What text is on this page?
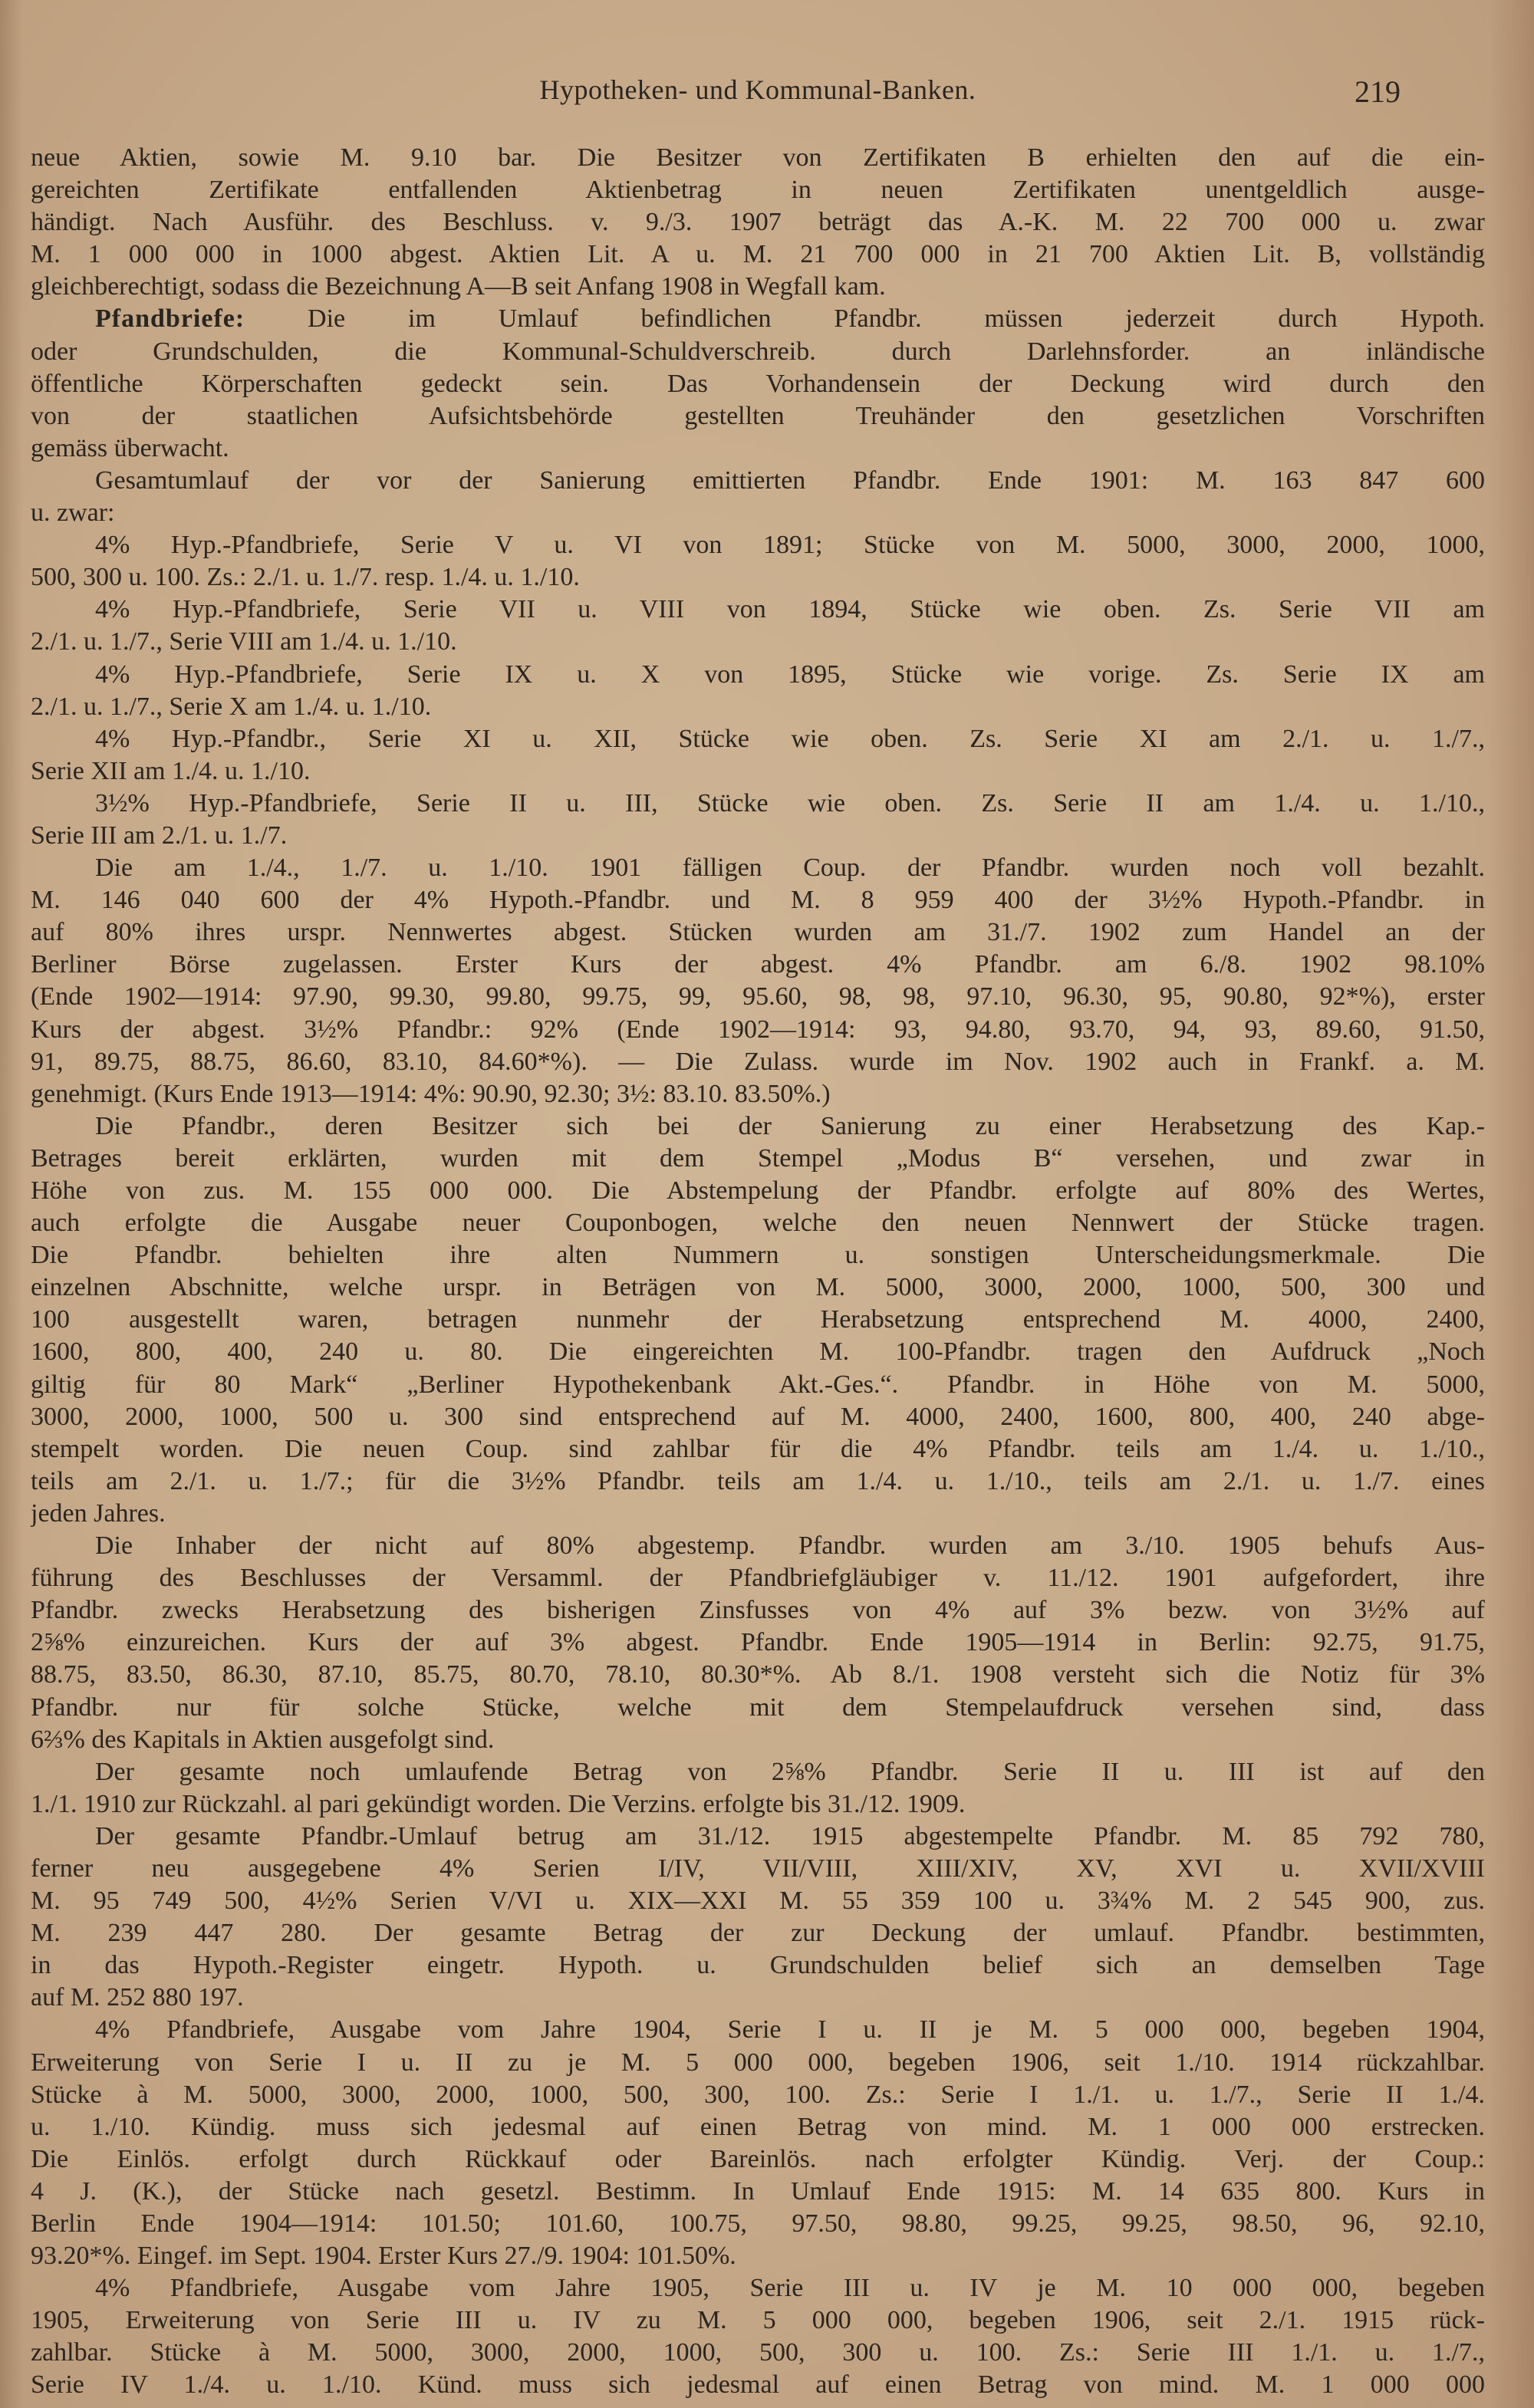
Hypotheken- und Kommunal-Banken.	219
neue Aktien, sowie M. 9.10 bar. Die Besitzer von Zertifikaten B erhielten den auf die ein-
gereichten Zertifikate entfallenden Aktienbetrag in neuen Zertifikaten unentgeldlich ausge-
händigt. Nach Ausführ. des Beschluss. v. 9./3. 1907 beträgt das A.-K. M. 22 700 000 u. zwar
M. 1 000 000 in 1000 abgest. Aktien Lit. A u. M. 21 700 000 in 21 700 Aktien Lit. B, vollständig
gleichberechtigt, sodass die Bezeichnung A—B seit Anfang 1908 in Wegfall kam.
Pfandbriefe: Die im Umlauf befindlichen Pfandbr. müssen jederzeit durch Hypoth.
oder Grundschulden, die Kommunal-Schuldverschreib. durch Darlehnsforder. an inländische
öffentliche Körperschaften gedeckt sein. Das Vorhandensein der Deckung wird durch den
von der staatlichen Aufsichtsbehörde gestellten Treuhänder den gesetzlichen Vorschriften
gemäss überwacht.
Gesamtumlauf der vor der Sanierung emittierten Pfandbr. Ende 1901: M. 163 847 600
u. zwar:
4% Hyp.-Pfandbriefe, Serie V u. VI von 1891; Stücke von M. 5000, 3000, 2000, 1000,
500, 300 u. 100. Zs.: 2./1. u. 1./7. resp. 1./4. u. 1./10.
4% Hyp.-Pfandbriefe, Serie VII u. VIII von 1894, Stücke wie oben. Zs. Serie VII am
2./1. u. 1./7., Serie VIII am 1./4. u. 1./10.
4% Hyp.-Pfandbriefe, Serie IX u. X von 1895, Stücke wie vorige. Zs. Serie IX am
2./1. u. 1./7., Serie X am 1./4. u. 1./10.
4% Hyp.-Pfandbr., Serie XI u. XII, Stücke wie oben. Zs. Serie XI am 2./1. u. 1./7.,
Serie XII am 1./4. u. 1./10.
3½% Hyp.-Pfandbriefe, Serie II u. III, Stücke wie oben. Zs. Serie II am 1./4. u. 1./10.,
Serie III am 2./1. u. 1./7.
Die am 1./4., 1./7. u. 1./10. 1901 fälligen Coup. der Pfandbr. wurden noch voll bezahlt.
M. 146 040 600 der 4% Hypoth.-Pfandbr. und M. 8 959 400 der 3½% Hypoth.-Pfandbr. in
auf 80% ihres urspr. Nennwertes abgest. Stücken wurden am 31./7. 1902 zum Handel an der
Berliner Börse zugelassen. Erster Kurs der abgest. 4% Pfandbr. am 6./8. 1902 98.10%
(Ende 1902—1914: 97.90, 99.30, 99.80, 99.75, 99, 95.60, 98, 98, 97.10, 96.30, 95, 90.80, 92*%), erster
Kurs der abgest. 3½% Pfandbr.: 92% (Ende 1902—1914: 93, 94.80, 93.70, 94, 93, 89.60, 91.50,
91, 89.75, 88.75, 86.60, 83.10, 84.60*%). — Die Zulass. wurde im Nov. 1902 auch in Frankf. a. M.
genehmigt. (Kurs Ende 1913—1914: 4%: 90.90, 92.30; 3½: 83.10. 83.50%.)
Die Pfandbr., deren Besitzer sich bei der Sanierung zu einer Herabsetzung des Kap.-
Betrages bereit erklärten, wurden mit dem Stempel „Modus B“ versehen, und zwar in
Höhe von zus. M. 155 000 000. Die Abstempelung der Pfandbr. erfolgte auf 80% des Wertes,
auch erfolgte die Ausgabe neuer Couponbogen, welche den neuen Nennwert der Stücke tragen.
Die Pfandbr. behielten ihre alten Nummern u. sonstigen Unterscheidungsmerkmale. Die
einzelnen Abschnitte, welche urspr. in Beträgen von M. 5000, 3000, 2000, 1000, 500, 300 und
100 ausgestellt waren, betragen nunmehr der Herabsetzung entsprechend M. 4000, 2400,
1600, 800, 400, 240 u. 80. Die eingereichten M. 100-Pfandbr. tragen den Aufdruck „Noch
giltig für 80 Mark“ „Berliner Hypothekenbank Akt.-Ges.“. Pfandbr. in Höhe von M. 5000,
3000, 2000, 1000, 500 u. 300 sind entsprechend auf M. 4000, 2400, 1600, 800, 400, 240 abge-
stempelt worden. Die neuen Coup. sind zahlbar für die 4% Pfandbr. teils am 1./4. u. 1./10.,
teils am 2./1. u. 1./7.; für die 3½% Pfandbr. teils am 1./4. u. 1./10., teils am 2./1. u. 1./7. eines
jeden Jahres.
Die Inhaber der nicht auf 80% abgestemp. Pfandbr. wurden am 3./10. 1905 behufs Aus-
führung des Beschlusses der Versamml. der Pfandbriefgläubiger v. 11./12. 1901 aufgefordert, ihre
Pfandbr. zwecks Herabsetzung des bisherigen Zinsfusses von 4% auf 3% bezw. von 3½% auf
2⅝% einzureichen. Kurs der auf 3% abgest. Pfandbr. Ende 1905—1914 in Berlin: 92.75, 91.75,
88.75, 83.50, 86.30, 87.10, 85.75, 80.70, 78.10, 80.30*%. Ab 8./1. 1908 versteht sich die Notiz für 3%
Pfandbr. nur für solche Stücke, welche mit dem Stempelaufdruck versehen sind, dass
6⅔% des Kapitals in Aktien ausgefolgt sind.
Der gesamte noch umlaufende Betrag von 2⅝% Pfandbr. Serie II u. III ist auf den
1./1. 1910 zur Rückzahl. al pari gekündigt worden. Die Verzins. erfolgte bis 31./12. 1909.
Der gesamte Pfandbr.-Umlauf betrug am 31./12. 1915 abgestempelte Pfandbr. M. 85 792 780,
ferner neu ausgegebene 4% Serien I/IV, VII/VIII, XIII/XIV, XV, XVI u. XVII/XVIII
M. 95 749 500, 4½% Serien V/VI u. XIX—XXI M. 55 359 100 u. 3¾% M. 2 545 900, zus.
M. 239 447 280. Der gesamte Betrag der zur Deckung der umlauf. Pfandbr. bestimmten,
in das Hypoth.-Register eingetr. Hypoth. u. Grundschulden belief sich an demselben Tage
auf M. 252 880 197.
4% Pfandbriefe, Ausgabe vom Jahre 1904, Serie I u. II je M. 5 000 000, begeben 1904,
Erweiterung von Serie I u. II zu je M. 5 000 000, begeben 1906, seit 1./10. 1914 rückzahlbar.
Stücke à M. 5000, 3000, 2000, 1000, 500, 300, 100. Zs.: Serie I 1./1. u. 1./7., Serie II 1./4.
u. 1./10. Kündig. muss sich jedesmal auf einen Betrag von mind. M. 1 000 000 erstrecken.
Die Einlös. erfolgt durch Rückkauf oder Bareinlös. nach erfolgter Kündig. Verj. der Coup.:
4 J. (K.), der Stücke nach gesetzl. Bestimm. In Umlauf Ende 1915: M. 14 635 800. Kurs in
Berlin Ende 1904—1914: 101.50; 101.60, 100.75, 97.50, 98.80, 99.25, 99.25, 98.50, 96, 92.10,
93.20*%. Eingef. im Sept. 1904. Erster Kurs 27./9. 1904: 101.50%.
4% Pfandbriefe, Ausgabe vom Jahre 1905, Serie III u. IV je M. 10 000 000, begeben
1905, Erweiterung von Serie III u. IV zu M. 5 000 000, begeben 1906, seit 2./1. 1915 rück-
zahlbar. Stücke à M. 5000, 3000, 2000, 1000, 500, 300 u. 100. Zs.: Serie III 1./1. u. 1./7.,
Serie IV 1./4. u. 1./10. Künd. muss sich jedesmal auf einen Betrag von mind. M. 1 000 000
